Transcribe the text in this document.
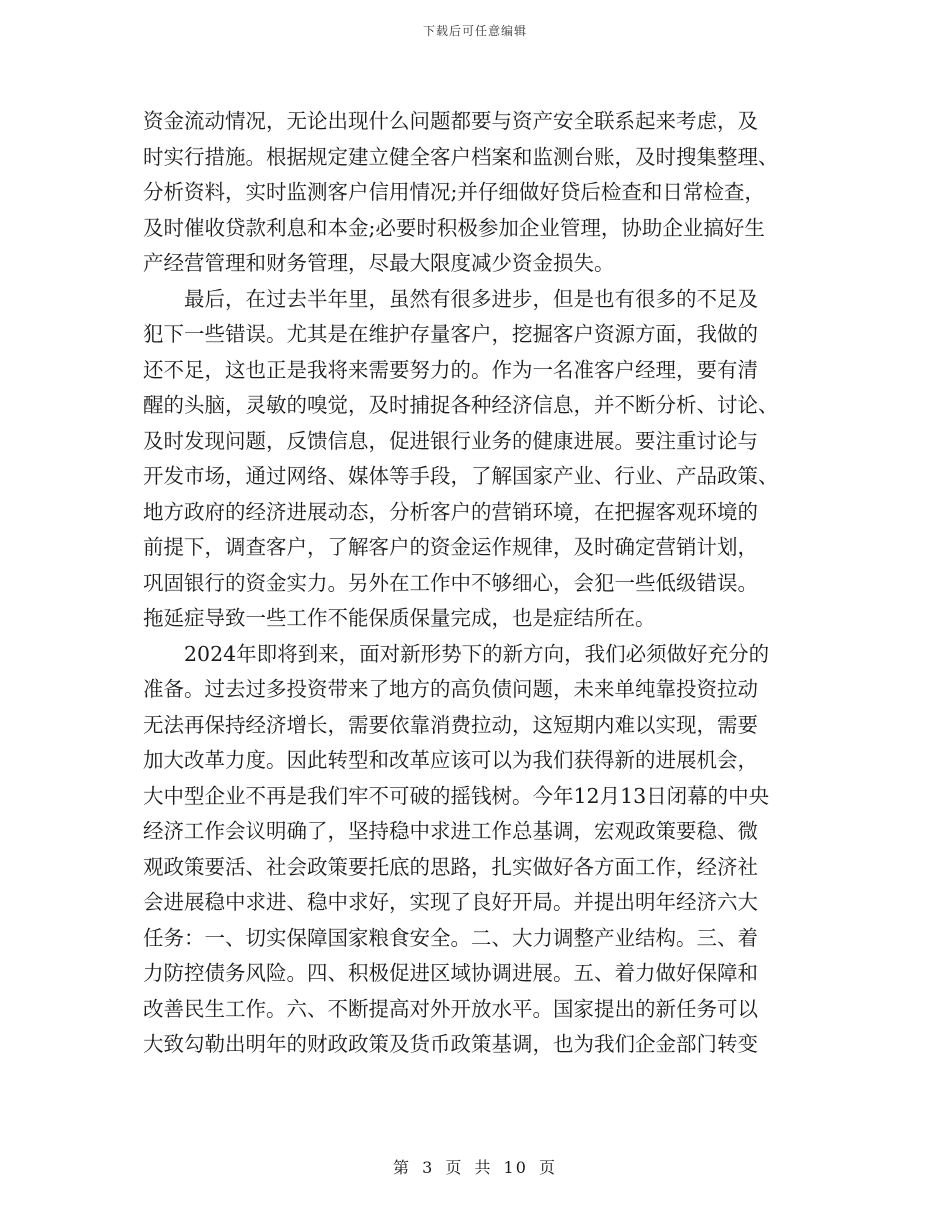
下载后可任意编辑

资金流动情况，无论出现什么问题都要与资产安全联系起来考虑，及
时实行措施。根据规定建立健全客户档案和监测台账，及时搜集整理、
分析资料，实时监测客户信用情况;并仔细做好贷后检查和日常检查，
及时催收贷款利息和本金;必要时积极参加企业管理，协助企业搞好生
产经营管理和财务管理，尽最大限度减少资金损失。

最后，在过去半年里，虽然有很多进步，但是也有很多的不足及
犯下一些错误。尤其是在维护存量客户，挖掘客户资源方面，我做的
还不足，这也正是我将来需要努力的。作为一名准客户经理，要有清
醒的头脑，灵敏的嗅觉，及时捕捉各种经济信息，并不断分析、讨论、
及时发现问题，反馈信息，促进银行业务的健康进展。要注重讨论与
开发市场，通过网络、媒体等手段，了解国家产业、行业、产品政策、
地方政府的经济进展动态，分析客户的营销环境，在把握客观环境的
前提下，调查客户，了解客户的资金运作规律，及时确定营销计划，
巩固银行的资金实力。另外在工作中不够细心，会犯一些低级错误。
拖延症导致一些工作不能保质保量完成，也是症结所在。

2024年即将到来，面对新形势下的新方向，我们必须做好充分的
准备。过去过多投资带来了地方的高负债问题，未来单纯靠投资拉动
无法再保持经济增长，需要依靠消费拉动，这短期内难以实现，需要
加大改革力度。因此转型和改革应该可以为我们获得新的进展机会，
大中型企业不再是我们牢不可破的摇钱树。今年12月13日闭幕的中央
经济工作会议明确了，坚持稳中求进工作总基调，宏观政策要稳、微
观政策要活、社会政策要托底的思路，扎实做好各方面工作，经济社
会进展稳中求进、稳中求好，实现了良好开局。并提出明年经济六大
任务：一、切实保障国家粮食安全。二、大力调整产业结构。三、着
力防控债务风险。四、积极促进区域协调进展。五、着力做好保障和
改善民生工作。六、不断提高对外开放水平。国家提出的新任务可以
大致勾勒出明年的财政政策及货币政策基调，也为我们企金部门转变

第 3 页 共 10 页
